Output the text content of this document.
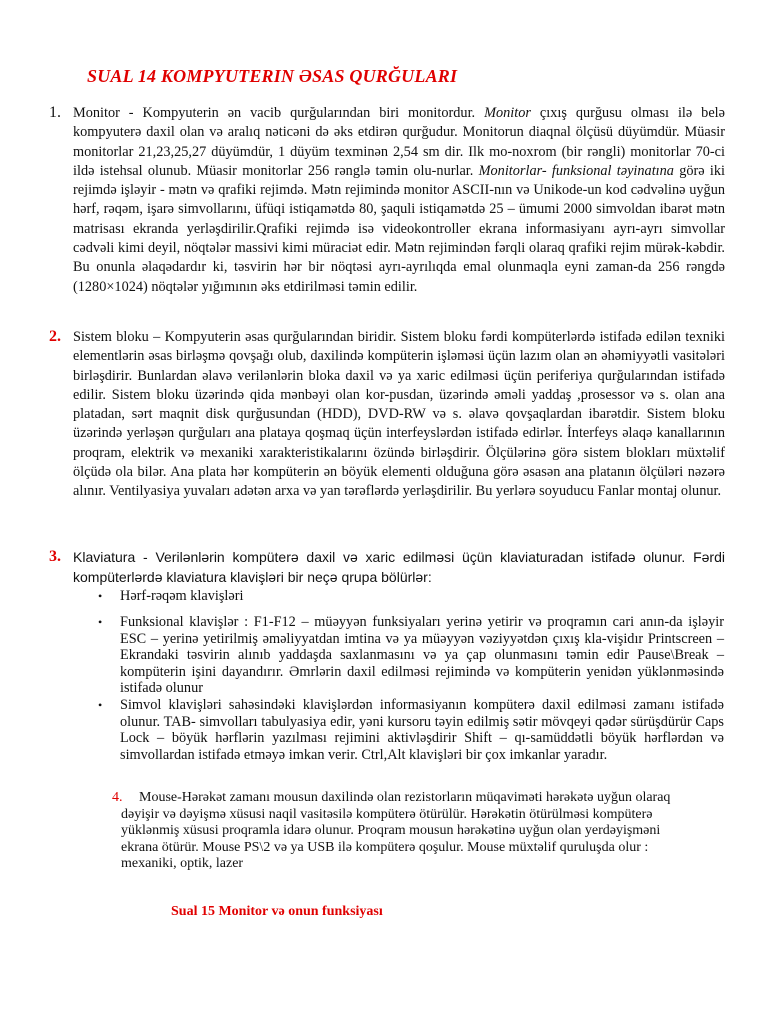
SUAL 14 KOMPYUTERIN ƏSAS QURĞULARI
1. Monitor - Kompyuterin ən vacib qurğularından biri monitordur. Monitor çıxış qurğusu olması ilə belə kompyuterə daxil olan və aralıq nəticəni də əks etdirən qurğudur. Monitorun diaqnal ölçüsü düyümdür. Müasir monitorlar 21,23,25,27 düyümdür, 1 düyüm texminən 2,54 sm dir. Ilk mo-noxrom (bir rəngli) monitorlar 70-ci ildə istehsal olunub. Müasir monitorlar 256 rənglə təmin olu-nurlar. Monitorlar- funksional təyinatına görə iki rejimdə işləyir - mətn və qrafiki rejimdə. Mətn rejimində monitor ASCII-nın və Unikode-un kod cədvəlinə uyğun hərf, rəqəm, işarə simvollarını, üfüqi istiqamətdə 80, şaquli istiqamətdə 25 – ümumi 2000 simvoldan ibarət mətn matrisası ekranda yerləşdirilir.Qrafiki rejimdə isə videokontroller ekrana informasiyanı ayrı-ayrı simvollar cədvəli kimi deyil, nöqtələr massivi kimi müraciət edir. Mətn rejimindən fərqli olaraq qrafiki rejim mürək-kəbdir. Bu onunla əlaqədardır ki, təsvirin hər bir nöqtəsi ayrı-ayrılıqda emal olunmaqla eyni zaman-da 256 rəngdə (1280×1024) nöqtələr yığımının əks etdirilməsi təmin edilir.
2. Sistem bloku – Kompyuterin əsas qurğularından biridir. Sistem bloku fərdi kompüterlərdə istifadə edilən texniki elementlərin əsas birləşmə qovşağı olub, daxilində kompüterin işləməsi üçün lazım olan ən əhəmiyyətli vasitələri birləşdirir. Bunlardan əlavə verilənlərin bloka daxil və ya xaric edilməsi üçün periferiya qurğularından istifadə edilir. Sistem bloku üzərində qida mənbəyi olan kor-pusdan, üzərində əməli yaddaş ,prosessor və s. olan ana platadan, sərt maqnit disk qurğusundan (HDD), DVD-RW və s. əlavə qovşaqlardan ibarətdir. Sistem bloku üzərində yerləşən qurğuları ana plataya qoşmaq üçün interfeyslərdən istifadə edirlər. İnterfeys əlaqə kanallarının proqram, elektrik və mexaniki xarakteristikalarını özündə birləşdirir. Ölçülərinə görə sistem blokları müxtəlif ölçüdə ola bilər. Ana plata hər kompüterin ən böyük elementi olduğuna görə əsasən ana platanın ölçüləri nəzərə alınır. Ventilyasiya yuvaları adətən arxa və yan tərəflərdə yerləşdirilir. Bu yerlərə soyuducu Fanlar montaj olunur.
3. Klaviatura - Verilənlərin kompüterə daxil və xaric edilməsi üçün klaviaturadan istifadə olunur. Fərdi kompüterlərdə klaviatura klavişləri bir neçə qrupa bölürlər:
• Hərf-rəqəm klavişləri
• Funksional klavişlər : F1-F12 – müəyyən funksiyaları yerinə yetirir və proqramın cari anın-da işləyir ESC – yerinə yetirilmiş əməliyyatdan imtina və ya müəyyən vəziyyətdən çıxış kla-vişidır Printscreen – Ekrandaki təsvirin alınıb yaddaşda saxlanmasını və ya çap olunmasını təmin edir Pause\Break – kompüterin işini dayandırır. Əmrlərin daxil edilməsi rejimində və kompüterin yenidən yüklənməsində istifadə olunur
• Simvol klavişləri sahəsindəki klavişlərdən informasiyanın kompüterə daxil edilməsi zamanı istifadə olunur. TAB- simvolları tabulyasiya edir, yəni kursoru təyin edilmiş sətir mövqeyi qədər sürüşdürür Caps Lock – böyük hərflərin yazılması rejimini aktivləşdirir Shift – qı-samüddətli böyük hərflərdən və simvollardan istifadə etməyə imkan verir. Ctrl,Alt klavişləri bir çox imkanlar yaradır.
4.	Mouse-Hərəkət zamanı mousun daxilində olan rezistorların müqaviməti hərəkətə uyğun olaraq dəyişir və dəyişmə xüsusi naqil vasitəsilə kompüterə ötürülür. Hərəkətin ötürülməsi kompüterə yüklənmiş xüsusi proqramla idarə olunur. Proqram mousun hərəkətinə uyğun olan yerdəyişməni ekrana ötürür. Mouse PS\2 və ya USB ilə kompüterə qoşulur. Mouse müxtəlif quruluşda olur : mexaniki, optik, lazer
Sual 15 Monitor və onun funksiyası
